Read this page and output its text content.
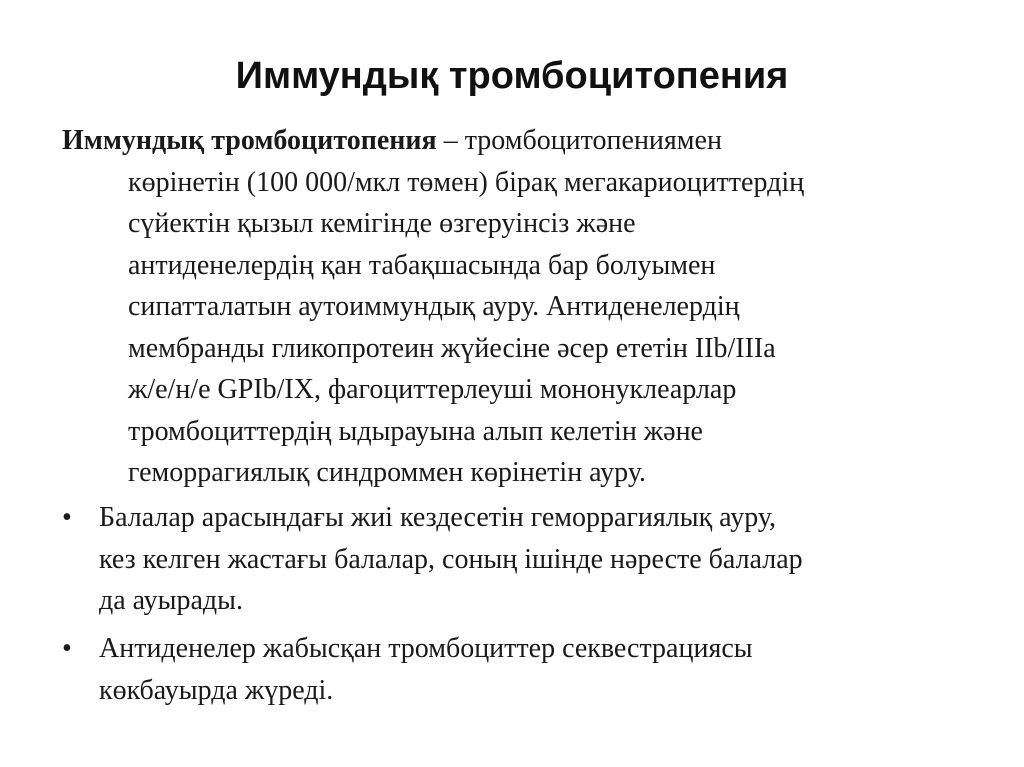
Иммундық тромбоцитопения
Иммундық тромбоцитопения – тромбоцитопениямен
көрінетін (100 000/мкл төмен) бірақ мегакариоциттердің
сүйектін қызыл кемігінде өзгеруінсіз және
антиденелердің қан табақшасында бар болуымен
сипатталатын аутоиммундық ауру. Антиденелердің
мембранды гликопротеин жүйесіне әсер ететін IIb/IIIa
ж/е/н/е GPIb/IX, фагоциттерлеуші мононуклеарлар
тромбоциттердің ыдырауына алып келетін және
геморрагиялық синдроммен көрінетін ауру.
• Балалар арасындағы жиі кездесетін геморрагиялық ауру,
кез келген жастағы балалар, соның ішінде нәресте балалар
да ауырады.
• Антиденелер жабысқан тромбоциттер секвестрациясы
көкбауырда жүреді.
